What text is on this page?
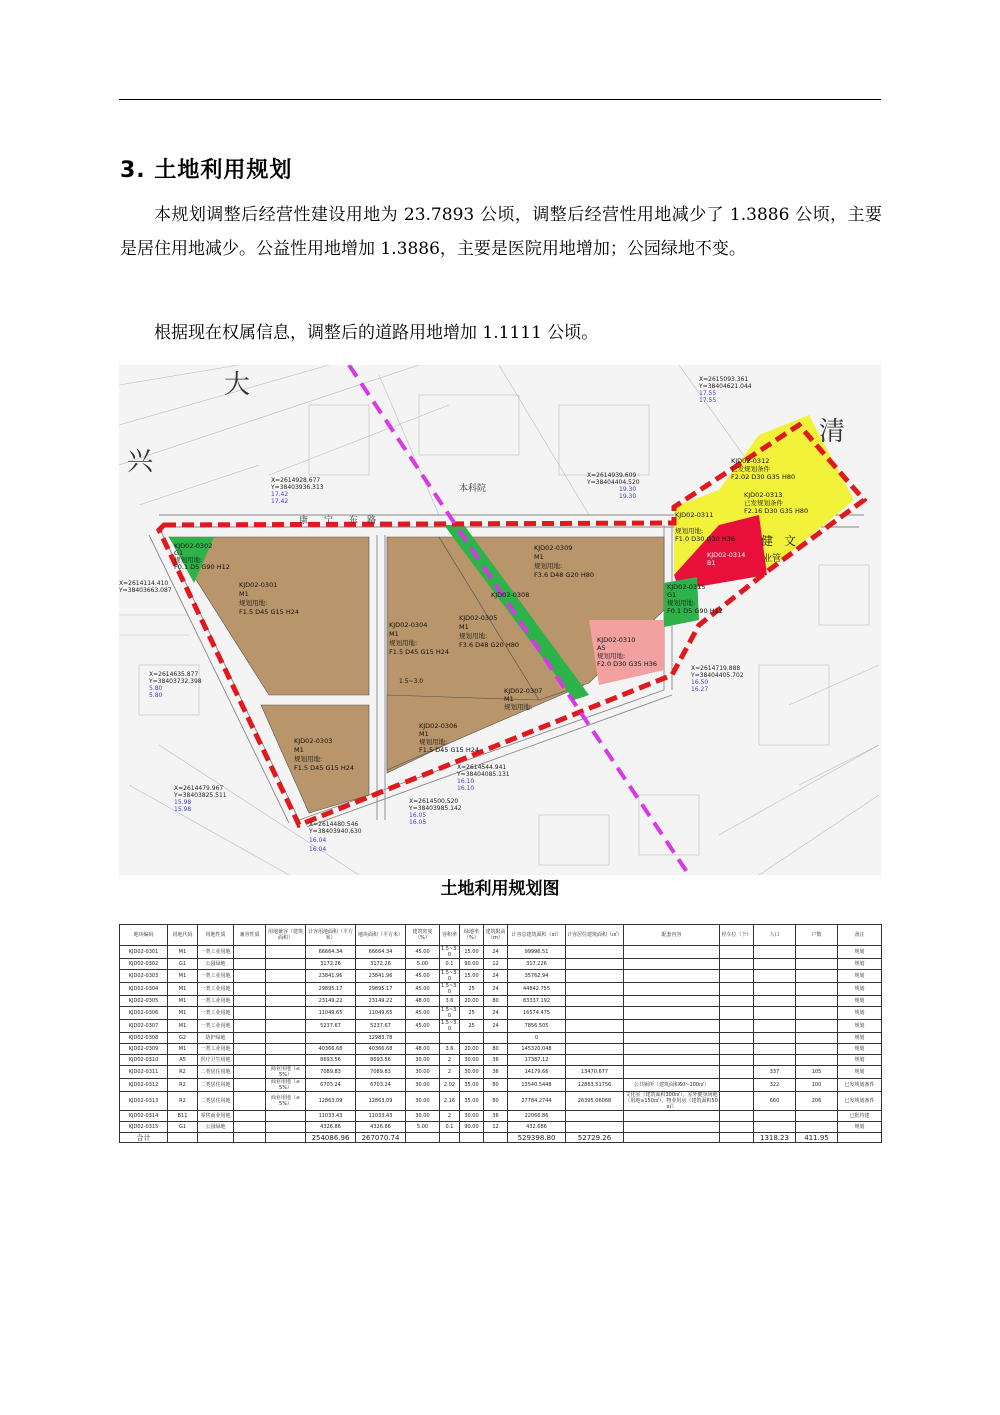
3. 土地利用规划

本规划调整后经营性建设用地为 23.7893 公顷，调整后经营性用地减少了 1.3886 公顷，主要是居住用地减少。公益性用地增加 1.3886，主要是医院用地增加；公园绿地不变。

根据现在权属信息，调整后的道路用地增加 1.1111 公顷。

大
兴
清
康 宁 东 路
本科院
KJD02-0301
M1
规划用地:
F1.5 D45 G15 H24
KJD02-0302
G1
规划用地:
F0.1 D5 G90 H12
KJD02-0303
M1
规划用地:
F1.5 D45 G15 H24
KJD02-0304
M1
规划用地:
F1.5 D45 G15 H24
KJD02-0305
M1
规划用地:
F3.6 D48 G20 H80
KJD02-0306
M1
规划用地:
F1.5 D45 G15 H24
KJD02-0307
M1
规划用地:
KJD02-0308
KJD02-0309
M1
规划用地:
F3.6 D48 G20 H80
KJD02-0310
A5
规划用地:
F2.0 D30 G35 H36
KJD02-0311
规划用地:
F1.0 D30 G30 H36
KJD02-0312
已发规划条件
F2.02 D30 G35 H80
KJD02-0313
已发规划条件
F2.16 D30 G35 H80
KJD02-0314
B1
KJD02-0315
G1
规划用地:
F0.1 D5 G90 H12
健 文
业管
1.5~3.0
X=2615093.361
Y=38404621.044
17.55
17.55
X=2614928.677
Y=38403936.313
17.42
17.42
X=2614939.609
Y=38404404.520
19.30
19.30
X=2614635.877
Y=38403732.398
5.80
5.80
X=2614719.888
Y=38404405.702
16.50
16.27
X=2614479.967
Y=38403825.511
15.98
15.98
X=2614544.941
Y=38404085.131
16.10
16.10
X=2614500.520
Y=38403985.142
16.05
16.05
X=2614480.546
Y=38403940.630
16.04
16.04
X=2614114.410
Y=38403663.087
土地利用规划图
地块编码	用地代码	用地性质	兼容性质	用地兼容（建筑面积）	计容用地面积（平方米）	地块面积（平方米）	建筑密度（%）	容积率	绿地率（%）	建筑限高（m）	计容总建筑面积（㎡）	计容居住建筑面积（㎡）	配套内容	停车位（个）	人口	户数	备注
KJD02-0301	M1	一类工业用地			66664.34	66664.34	45.00	1.5~3.0	15.00	24	99996.51						规划
KJD02-0302	G1	公园绿地			3172.26	3172.26	5.00	0.1	90.00	12	317.226						规划
KJD02-0303	M1	一类工业用地			23841.96	23841.96	45.00	1.5~3.0	15.00	24	35762.94						规划
KJD02-0304	M1	一类工业用地			29895.17	29895.17	45.00	1.5~3.0	25	24	44842.755						规划
KJD02-0305	M1	一类工业用地			23149.22	23149.22	48.00	3.6	20.00	80	83337.192						规划
KJD02-0306	M1	一类工业用地			11049.65	11049.65	45.00	1.5~3.0	25	24	16574.475						规划
KJD02-0307	M1	一类工业用地			5237.67	5237.67	45.00	1.5~3.0	25	24	7856.505						规划
KJD02-0308	G2	防护绿地				12983.78					0						规划
KJD02-0309	M1	一类工业用地			40366.68	40366.68	48.00	3.6	20.00	80	145320.048						规划
KJD02-0310	A5	医疗卫生用地			8693.56	8693.56	30.00	2	30.00	36	17387.12						规划
KJD02-0311	R2	二类居住用地		商业用地（≤5%）	7089.83	7089.83	30.00	2	30.00	36	14179.66	13470.677			337	105	规划
KJD02-0312	R2	二类居住用地		商业用地（≤5%）	6703.24	6703.24	30.00	2.02	35.00	80	13540.5448	12863.51756	公共厕所（建筑面积60~100㎡）		322	100	已发规划条件
KJD02-0313	R2	二类居住用地		商业用地（≤5%）	12863.09	12863.09	30.00	2.16	35.00	80	27784.2744	26395.06068	文化室（建筑面积300㎡），室外健身场地（用地≥150㎡），物业用房（建筑面积50㎡）		660	206	已发规划条件
KJD02-0314	B11	零售商业用地			11033.43	11033.43	30.00	2	30.00	36	22066.86						已批待建
KJD02-0315	G1	公园绿地			4326.86	4326.86	5.00	0.1	90.00	12	432.686						规划
合计					254086.96	267070.74					529398.80	52729.26			1318.23	411.95	
